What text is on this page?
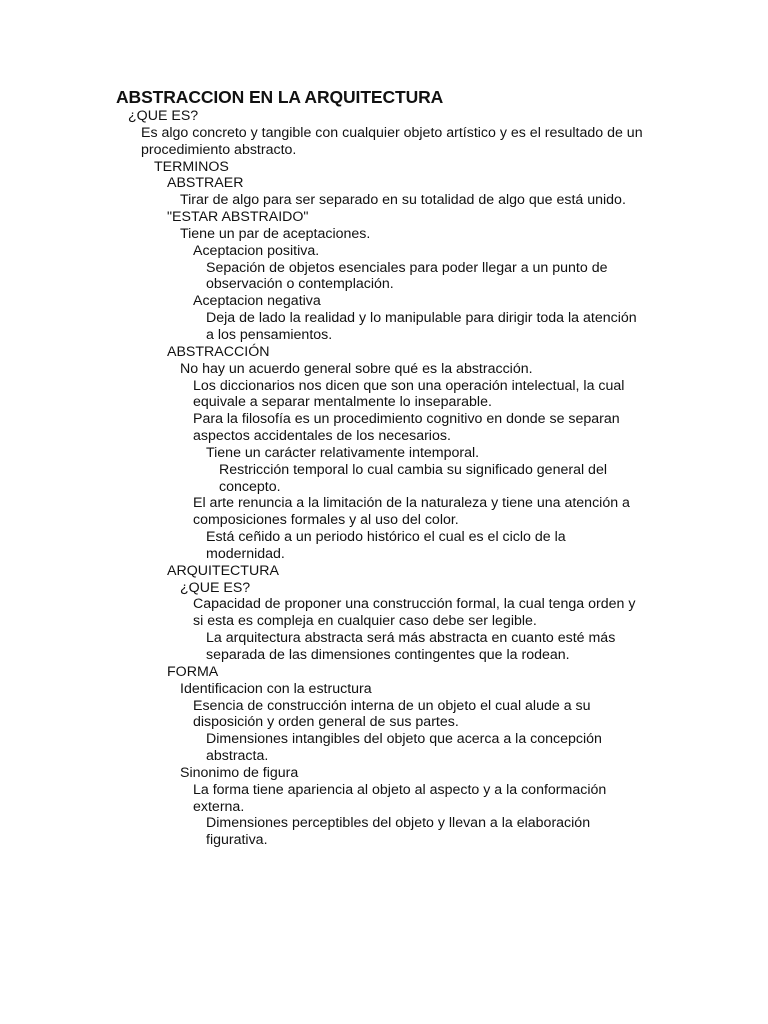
ABSTRACCION EN LA ARQUITECTURA
¿QUE ES?
Es algo concreto y tangible con cualquier objeto artístico y es el resultado de un procedimiento abstracto.
TERMINOS
ABSTRAER
Tirar de algo para ser separado en su totalidad de algo que está unido.
"ESTAR ABSTRAIDO"
Tiene un par de aceptaciones.
Aceptacion positiva.
Sepación de objetos esenciales para poder llegar a un punto de observación o contemplación.
Aceptacion negativa
Deja de lado la realidad y lo manipulable para dirigir toda la atención a los pensamientos.
ABSTRACCIÓN
No hay un acuerdo general sobre qué es la abstracción.
Los diccionarios nos dicen que son una operación intelectual, la cual equivale a separar mentalmente lo inseparable.
Para la filosofía es un procedimiento cognitivo en donde se separan aspectos accidentales de los necesarios.
Tiene un carácter relativamente intemporal.
Restricción temporal lo cual cambia su significado general del concepto.
El arte renuncia a la limitación de la naturaleza y tiene una atención a composiciones formales y al uso del color.
Está ceñido a un periodo histórico el cual es el ciclo de la modernidad.
ARQUITECTURA
¿QUE ES?
Capacidad de proponer una construcción formal, la cual tenga orden y si esta es compleja en cualquier caso debe ser legible.
La arquitectura abstracta será más abstracta en cuanto esté más separada de las dimensiones contingentes que la rodean.
FORMA
Identificacion con la estructura
Esencia de construcción interna de un objeto el cual alude a su disposición y orden general de sus partes.
Dimensiones intangibles del objeto que acerca a la concepción abstracta.
Sinonimo de figura
La forma tiene apariencia al objeto al aspecto y a la conformación externa.
Dimensiones perceptibles del objeto y llevan a la elaboración figurativa.
